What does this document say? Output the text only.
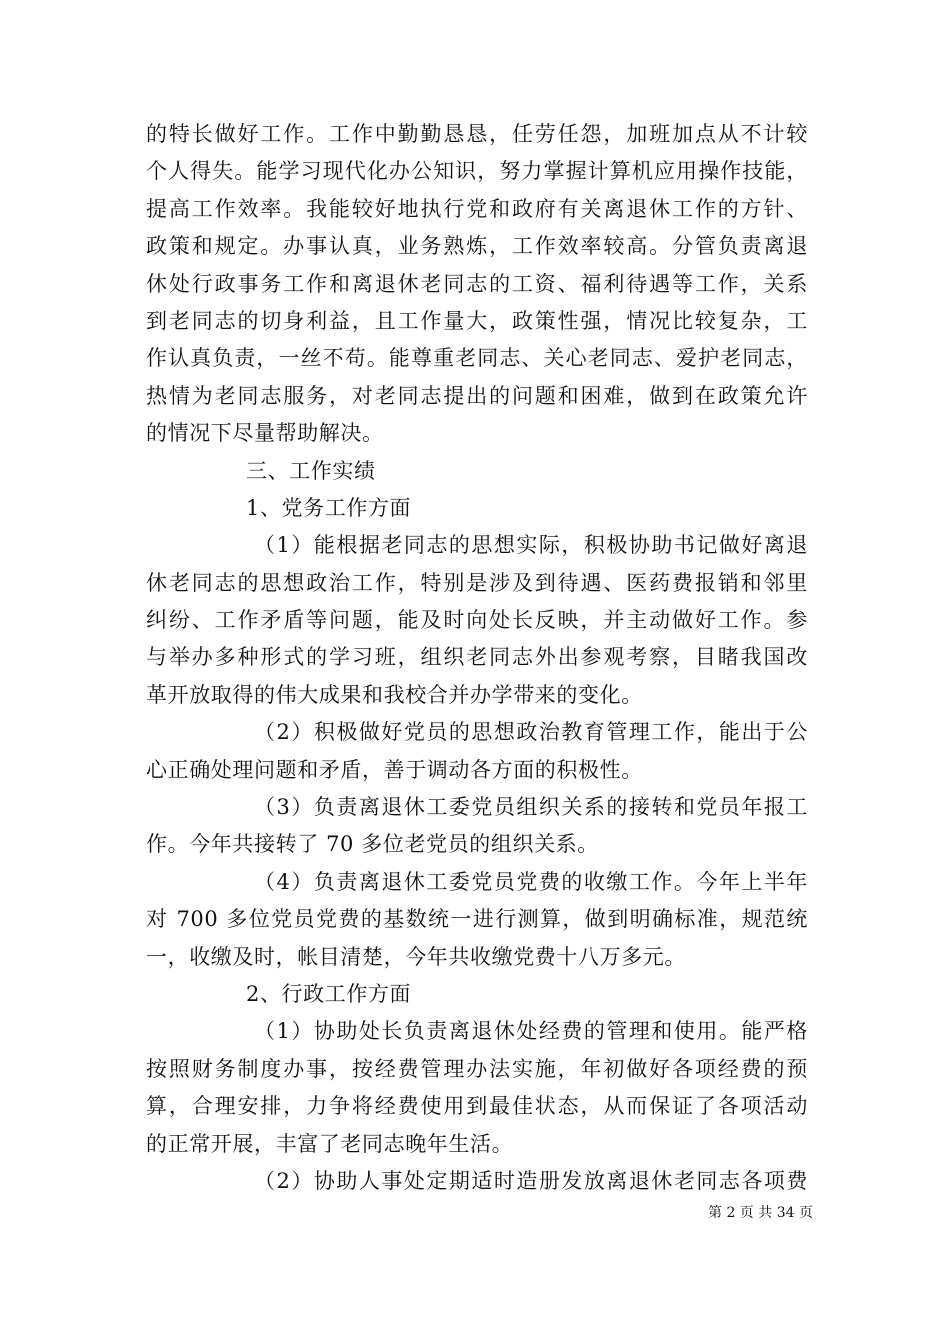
的特长做好工作。工作中勤勤恳恳，任劳任怨，加班加点从不计较
个人得失。能学习现代化办公知识，努力掌握计算机应用操作技能，
提高工作效率。我能较好地执行党和政府有关离退休工作的方针、
政策和规定。办事认真，业务熟炼，工作效率较高。分管负责离退
休处行政事务工作和离退休老同志的工资、福利待遇等工作，关系
到老同志的切身利益，且工作量大，政策性强，情况比较复杂，工
作认真负责，一丝不苟。能尊重老同志、关心老同志、爱护老同志，
热情为老同志服务，对老同志提出的问题和困难，做到在政策允许
的情况下尽量帮助解决。
三、工作实绩
1、党务工作方面
（1）能根据老同志的思想实际，积极协助书记做好离退
休老同志的思想政治工作，特别是涉及到待遇、医药费报销和邻里
纠纷、工作矛盾等问题，能及时向处长反映，并主动做好工作。参
与举办多种形式的学习班，组织老同志外出参观考察，目睹我国改
革开放取得的伟大成果和我校合并办学带来的变化。
（2）积极做好党员的思想政治教育管理工作，能出于公
心正确处理问题和矛盾，善于调动各方面的积极性。
（3）负责离退休工委党员组织关系的接转和党员年报工
作。今年共接转了 70 多位老党员的组织关系。
（4）负责离退休工委党员党费的收缴工作。今年上半年
对 700 多位党员党费的基数统一进行测算，做到明确标准，规范统
一，收缴及时，帐目清楚，今年共收缴党费十八万多元。
2、行政工作方面
（1）协助处长负责离退休处经费的管理和使用。能严格
按照财务制度办事，按经费管理办法实施，年初做好各项经费的预
算，合理安排，力争将经费使用到最佳状态，从而保证了各项活动
的正常开展，丰富了老同志晚年生活。
（2）协助人事处定期适时造册发放离退休老同志各项费
第 2 页 共 34 页
